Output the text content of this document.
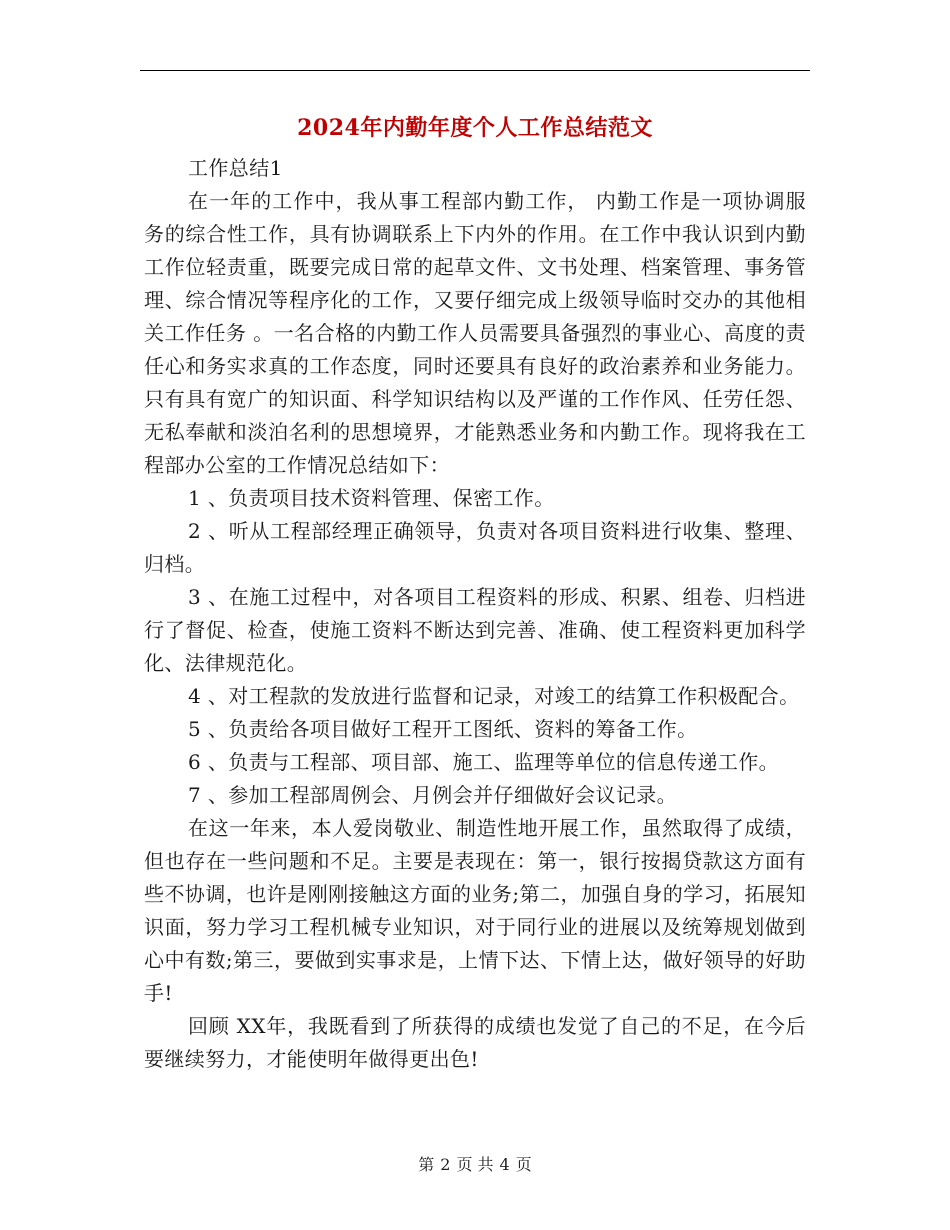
2024年内勤年度个人工作总结范文

工作总结1

在一年的工作中，我从事工程部内勤工作， 内勤工作是一项协调服务的综合性工作，具有协调联系上下内外的作用。在工作中我认识到内勤工作位轻责重，既要完成日常的起草文件、文书处理、档案管理、事务管理、综合情况等程序化的工作，又要仔细完成上级领导临时交办的其他相关工作任务 。一名合格的内勤工作人员需要具备强烈的事业心、高度的责任心和务实求真的工作态度，同时还要具有良好的政治素养和业务能力。只有具有宽广的知识面、科学知识结构以及严谨的工作作风、任劳任怨、无私奉献和淡泊名利的思想境界，才能熟悉业务和内勤工作。现将我在工程部办公室的工作情况总结如下：

1 、负责项目技术资料管理、保密工作。

2 、听从工程部经理正确领导，负责对各项目资料进行收集、整理、归档。

3 、在施工过程中，对各项目工程资料的形成、积累、组卷、归档进行了督促、检查，使施工资料不断达到完善、准确、使工程资料更加科学化、法律规范化。

4 、对工程款的发放进行监督和记录，对竣工的结算工作积极配合。

5 、负责给各项目做好工程开工图纸、资料的筹备工作。

6 、负责与工程部、项目部、施工、监理等单位的信息传递工作。

7 、参加工程部周例会、月例会并仔细做好会议记录。

在这一年来，本人爱岗敬业、制造性地开展工作，虽然取得了成绩，但也存在一些问题和不足。主要是表现在：第一，银行按揭贷款这方面有些不协调，也许是刚刚接触这方面的业务;第二，加强自身的学习，拓展知识面，努力学习工程机械专业知识，对于同行业的进展以及统筹规划做到心中有数;第三，要做到实事求是，上情下达、下情上达，做好领导的好助手!

回顾 XX年，我既看到了所获得的成绩也发觉了自己的不足，在今后要继续努力，才能使明年做得更出色!

第 2 页 共 4 页
